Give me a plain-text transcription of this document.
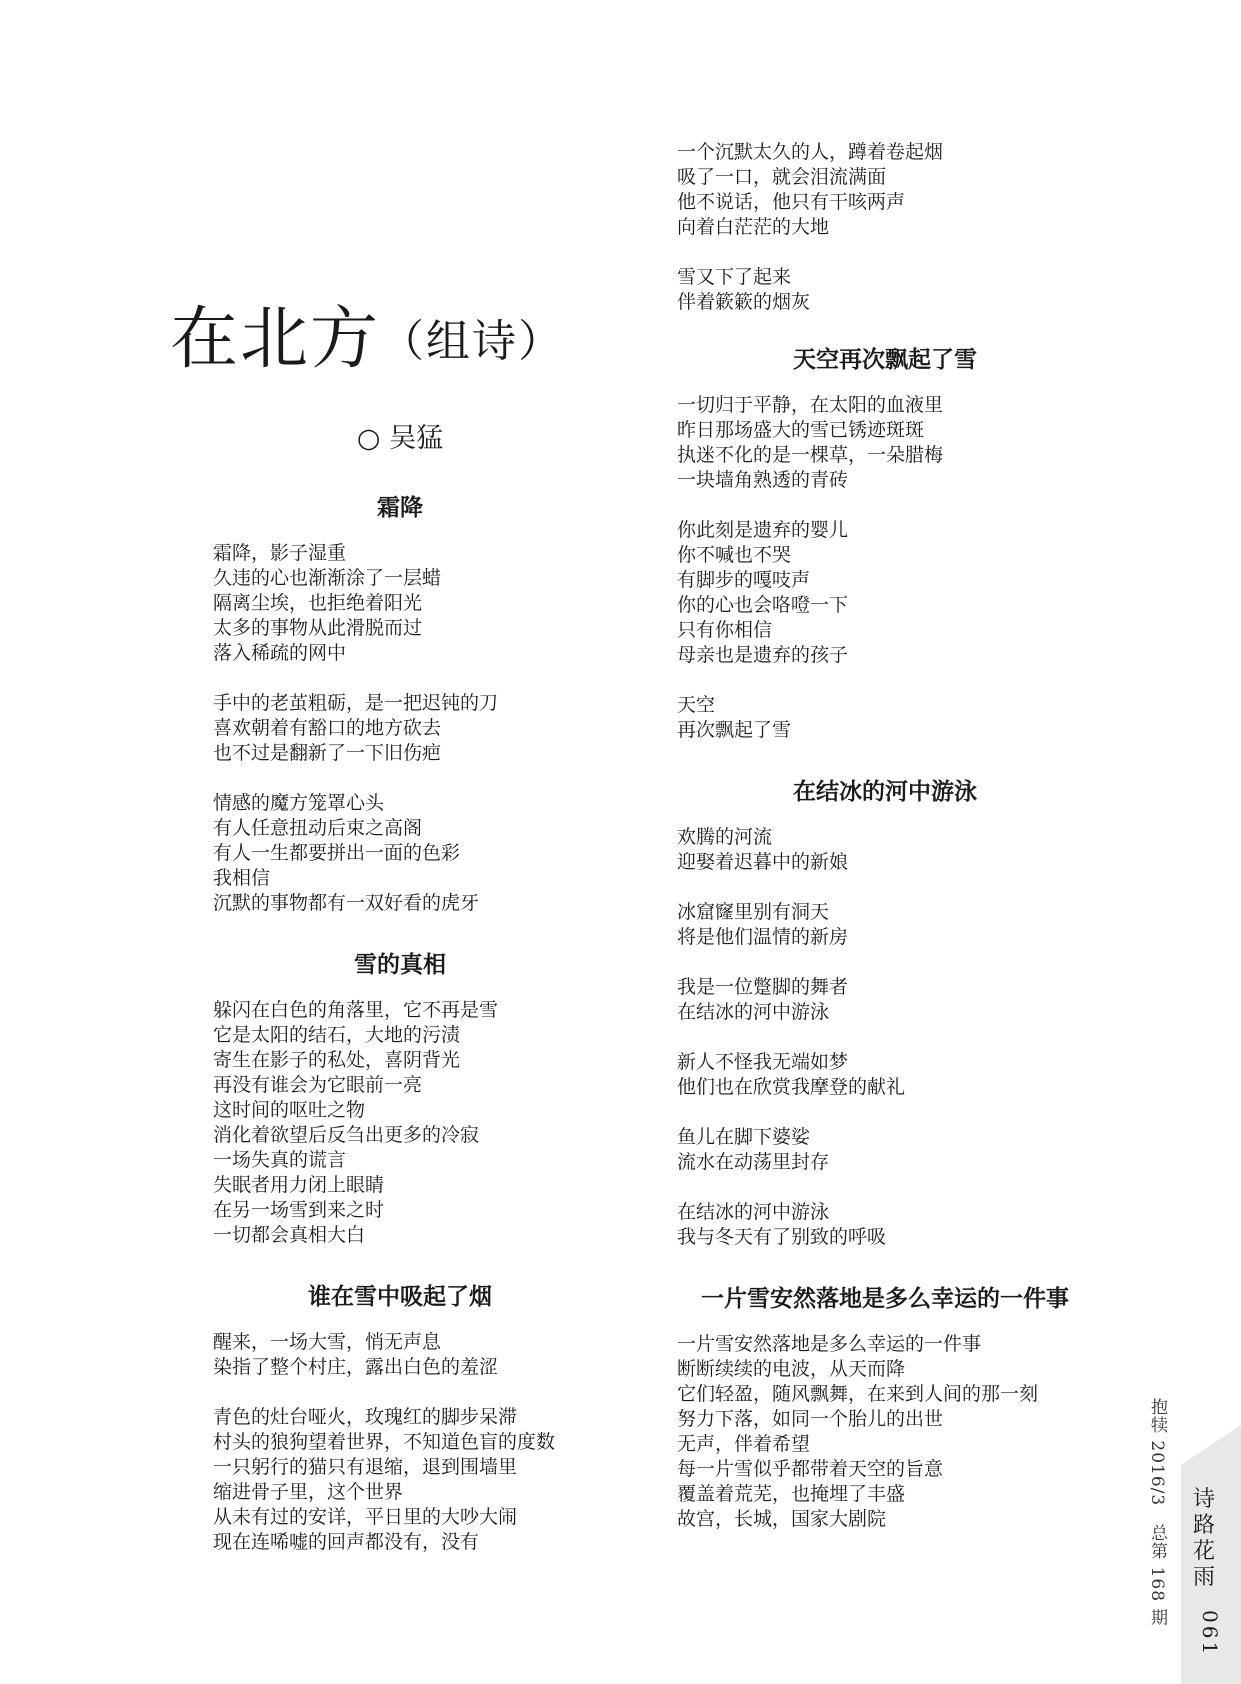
在北方（组诗）
○ 吴猛
霜降
霜降，影子湿重
久违的心也渐渐涂了一层蜡
隔离尘埃，也拒绝着阳光
太多的事物从此滑脱而过
落入稀疏的网中
手中的老茧粗砺，是一把迟钝的刀
喜欢朝着有豁口的地方砍去
也不过是翻新了一下旧伤疤
情感的魔方笼罩心头
有人任意扭动后束之高阁
有人一生都要拼出一面的色彩
我相信
沉默的事物都有一双好看的虎牙
雪的真相
躲闪在白色的角落里，它不再是雪
它是太阳的结石，大地的污渍
寄生在影子的私处，喜阴背光
再没有谁会为它眼前一亮
这时间的呕吐之物
消化着欲望后反刍出更多的冷寂
一场失真的谎言
失眠者用力闭上眼睛
在另一场雪到来之时
一切都会真相大白
谁在雪中吸起了烟
醒来，一场大雪，悄无声息
染指了整个村庄，露出白色的羞涩
青色的灶台哑火，玫瑰红的脚步呆滞
村头的狼狗望着世界，不知道色盲的度数
一只躬行的猫只有退缩，退到围墙里
缩进骨子里，这个世界
从未有过的安详，平日里的大吵大闹
现在连唏嘘的回声都没有，没有
一个沉默太久的人，蹲着卷起烟
吸了一口，就会泪流满面
他不说话，他只有干咳两声
向着白茫茫的大地
雪又下了起来
伴着簌簌的烟灰
天空再次飘起了雪
一切归于平静，在太阳的血液里
昨日那场盛大的雪已锈迹斑斑
执迷不化的是一棵草，一朵腊梅
一块墙角熟透的青砖
你此刻是遗弃的婴儿
你不喊也不哭
有脚步的嘎吱声
你的心也会咯噔一下
只有你相信
母亲也是遗弃的孩子
天空
再次飘起了雪
在结冰的河中游泳
欢腾的河流
迎娶着迟暮中的新娘
冰窟窿里别有洞天
将是他们温情的新房
我是一位蹩脚的舞者
在结冰的河中游泳
新人不怪我无端如梦
他们也在欣赏我摩登的献礼
鱼儿在脚下婆娑
流水在动荡里封存
在结冰的河中游泳
我与冬天有了别致的呼吸
一片雪安然落地是多么幸运的一件事
一片雪安然落地是多么幸运的一件事
断断续续的电波，从天而降
它们轻盈，随风飘舞，在来到人间的那一刻
努力下落，如同一个胎儿的出世
无声，伴着希望
每一片雪似乎都带着天空的旨意
覆盖着荒芜，也掩埋了丰盛
故宫，长城，国家大剧院	抱犊 2016/3　总第 168 期 诗路花雨
061
